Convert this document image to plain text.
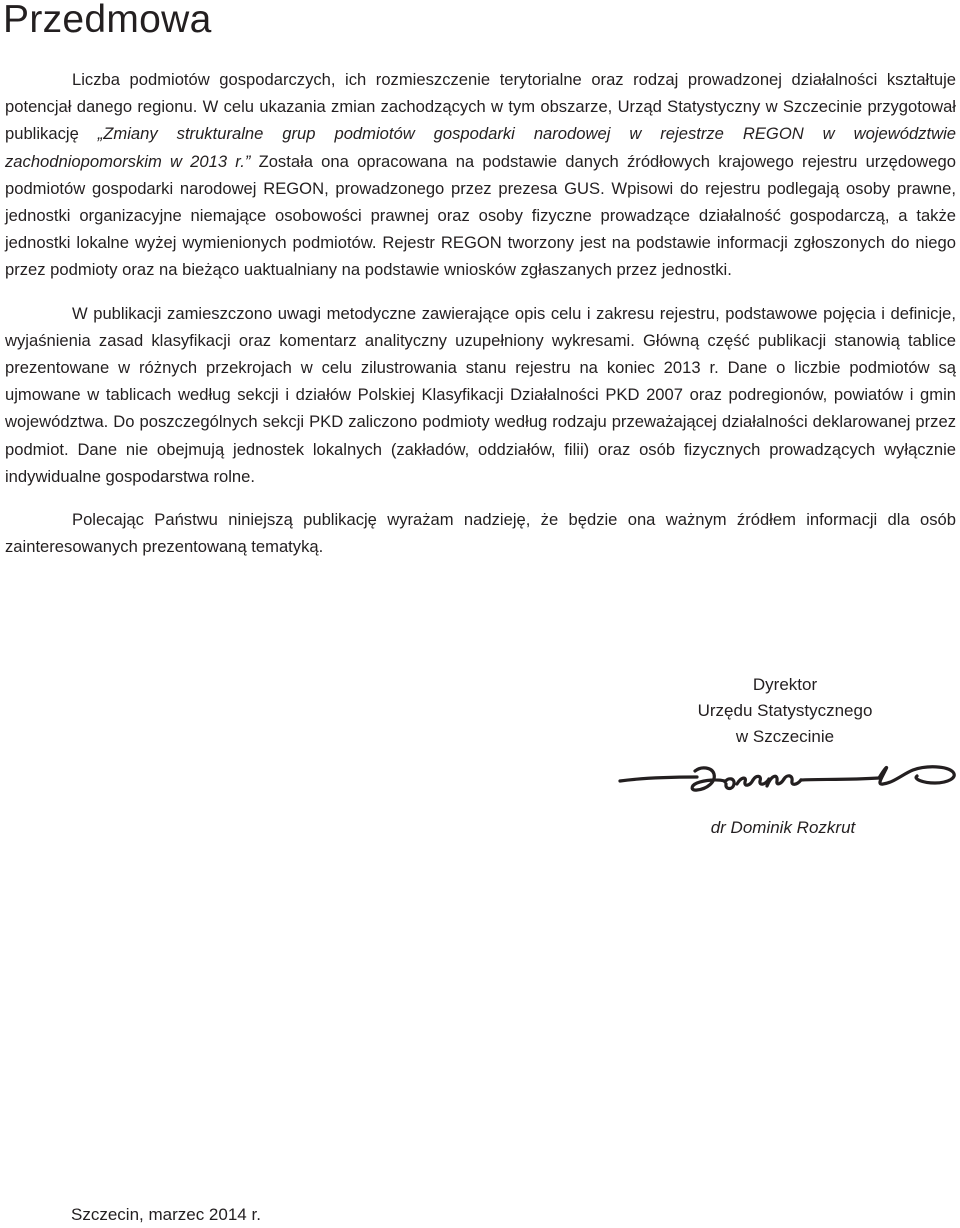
Przedmowa

Liczba podmiotów gospodarczych, ich rozmieszczenie terytorialne oraz rodzaj prowadzonej działalności kształtuje potencjał danego regionu. W celu ukazania zmian zachodzących w tym obszarze, Urząd Statystyczny w Szczecinie przygotował publikację „Zmiany strukturalne grup podmiotów gospodarki narodowej w rejestrze REGON w województwie zachodniopomorskim w 2013 r.” Została ona opracowana na podstawie danych źródłowych krajowego rejestru urzędowego podmiotów gospodarki narodowej REGON, prowadzonego przez prezesa GUS. Wpisowi do rejestru podlegają osoby prawne, jednostki organizacyjne niemające osobowości prawnej oraz osoby fizyczne prowadzące działalność gospodarczą, a także jednostki lokalne wyżej wymienionych podmiotów. Rejestr REGON tworzony jest na podstawie informacji zgłoszonych do niego przez podmioty oraz na bieżąco uaktualniany na podstawie wniosków zgłaszanych przez jednostki.

W publikacji zamieszczono uwagi metodyczne zawierające opis celu i zakresu rejestru, podstawowe pojęcia i definicje, wyjaśnienia zasad klasyfikacji oraz komentarz analityczny uzupełniony wykresami. Główną część publikacji stanowią tablice prezentowane w różnych przekrojach w celu zilustrowania stanu rejestru na koniec 2013 r. Dane o liczbie podmiotów są ujmowane w tablicach według sekcji i działów Polskiej Klasyfikacji Działalności PKD 2007 oraz podregionów, powiatów i gmin województwa. Do poszczególnych sekcji PKD zaliczono podmioty według rodzaju przeważającej działalności deklarowanej przez podmiot. Dane nie obejmują jednostek lokalnych (zakładów, oddziałów, filii) oraz osób fizycznych prowadzących wyłącznie indywidualne gospodarstwa rolne.

Polecając Państwu niniejszą publikację wyrażam nadzieję, że będzie ona ważnym źródłem informacji dla osób zainteresowanych prezentowaną tematyką.

Dyrektor
Urzędu Statystycznego
w Szczecinie
dr Dominik Rozkrut
Szczecin, marzec 2014 r.
